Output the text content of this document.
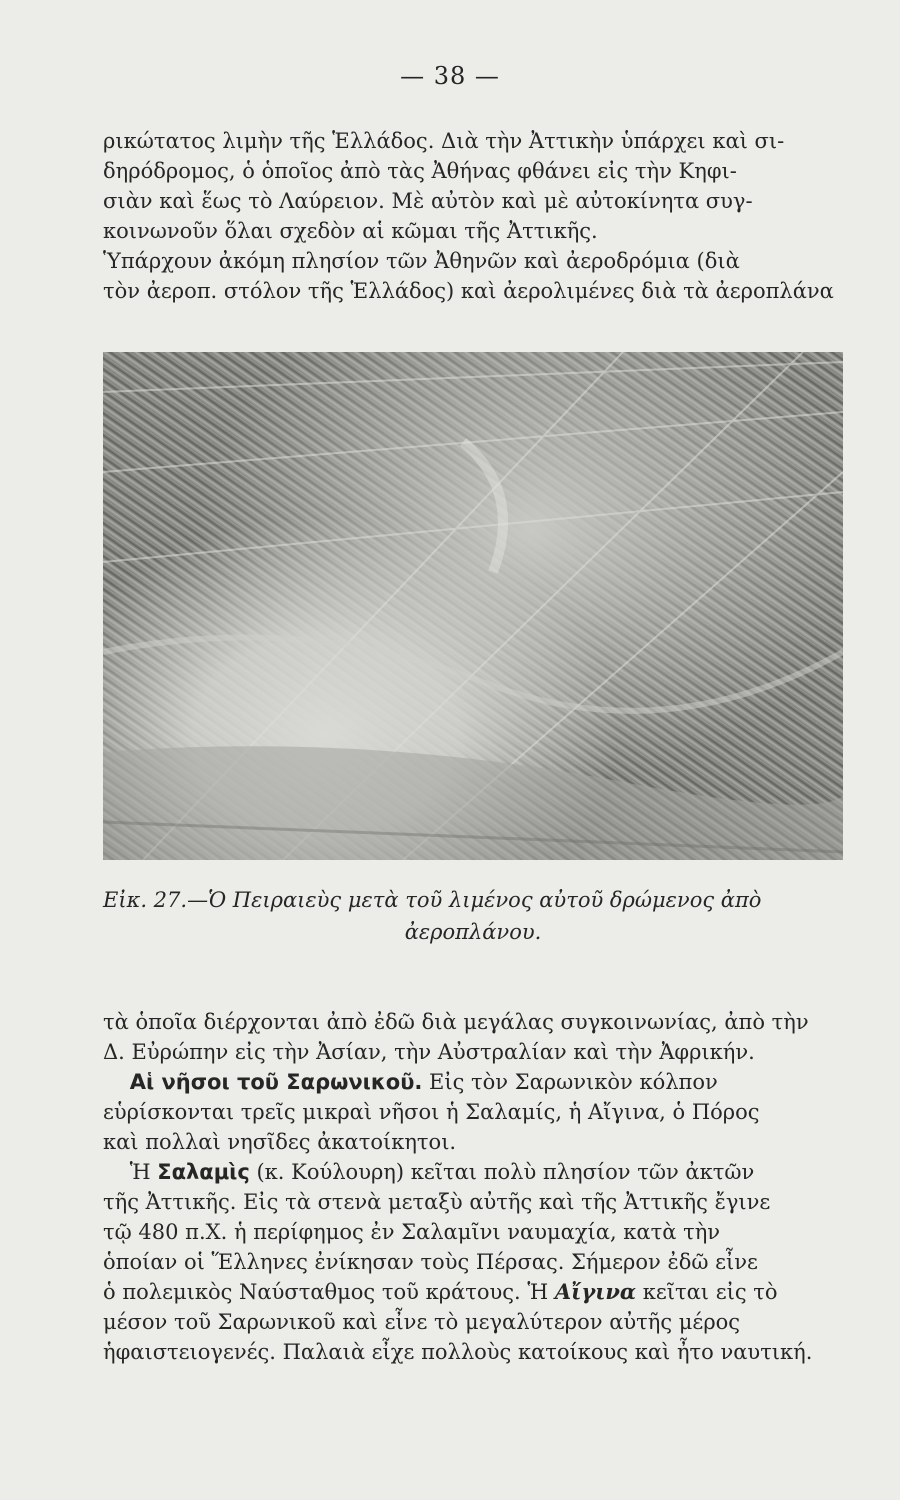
— 38 —
ρικώτατος λιμὴν τῆς Ἑλλάδος. Διὰ τὴν Ἀττικὴν ὑπάρχει καὶ σι-
δηρόδρομος, ὁ ὁποῖος ἀπὸ τὰς Ἀθήνας φθάνει εἰς τὴν Κηφι-
σιὰν καὶ ἕως τὸ Λαύρειον. Μὲ αὐτὸν καὶ μὲ αὐτοκίνητα συγ-
κοινωνοῦν ὅλαι σχεδὸν αἱ κῶμαι τῆς Ἀττικῆς.
Ὑπάρχουν ἀκόμη πλησίον τῶν Ἀθηνῶν καὶ ἀεροδρόμια (διὰ
τὸν ἀεροπ. στόλον τῆς Ἑλλάδος) καὶ ἀερολιμένες διὰ τὰ ἀεροπλάνα
Εἰκ. 27.—Ὁ Πειραιεὺς μετὰ τοῦ λιμένος αὐτοῦ δρώμενος ἀπὸ
ἀεροπλάνου.
τὰ ὁποῖα διέρχονται ἀπὸ ἐδῶ διὰ μεγάλας συγκοινωνίας, ἀπὸ τὴν
Δ. Εὐρώπην εἰς τὴν Ἀσίαν, τὴν Αὐστραλίαν καὶ τὴν Ἀφρικήν.
Αἱ νῆσοι τοῦ Σαρωνικοῦ. Εἰς τὸν Σαρωνικὸν κόλπον
εὑρίσκονται τρεῖς μικραὶ νῆσοι ἡ Σαλαμίς, ἡ Αἴγινα, ὁ Πόρος
καὶ πολλαὶ νησῖδες ἀκατοίκητοι.
Ἡ Σαλαμὶς (κ. Κούλουρη) κεῖται πολὺ πλησίον τῶν ἀκτῶν
τῆς Ἀττικῆς. Εἰς τὰ στενὰ μεταξὺ αὐτῆς καὶ τῆς Ἀττικῆς ἔγινε
τῷ 480 π.Χ. ἡ περίφημος ἐν Σαλαμῖνι ναυμαχία, κατὰ τὴν
ὁποίαν οἱ Ἕλληνες ἐνίκησαν τοὺς Πέρσας. Σήμερον ἐδῶ εἶνε
ὁ πολεμικὸς Ναύσταθμος τοῦ κράτους. Ἡ Αἴγινα κεῖται εἰς τὸ
μέσον τοῦ Σαρωνικοῦ καὶ εἶνε τὸ μεγαλύτερον αὐτῆς μέρος
ἡφαιστειογενές. Παλαιὰ εἶχε πολλοὺς κατοίκους καὶ ἦτο ναυτική.
